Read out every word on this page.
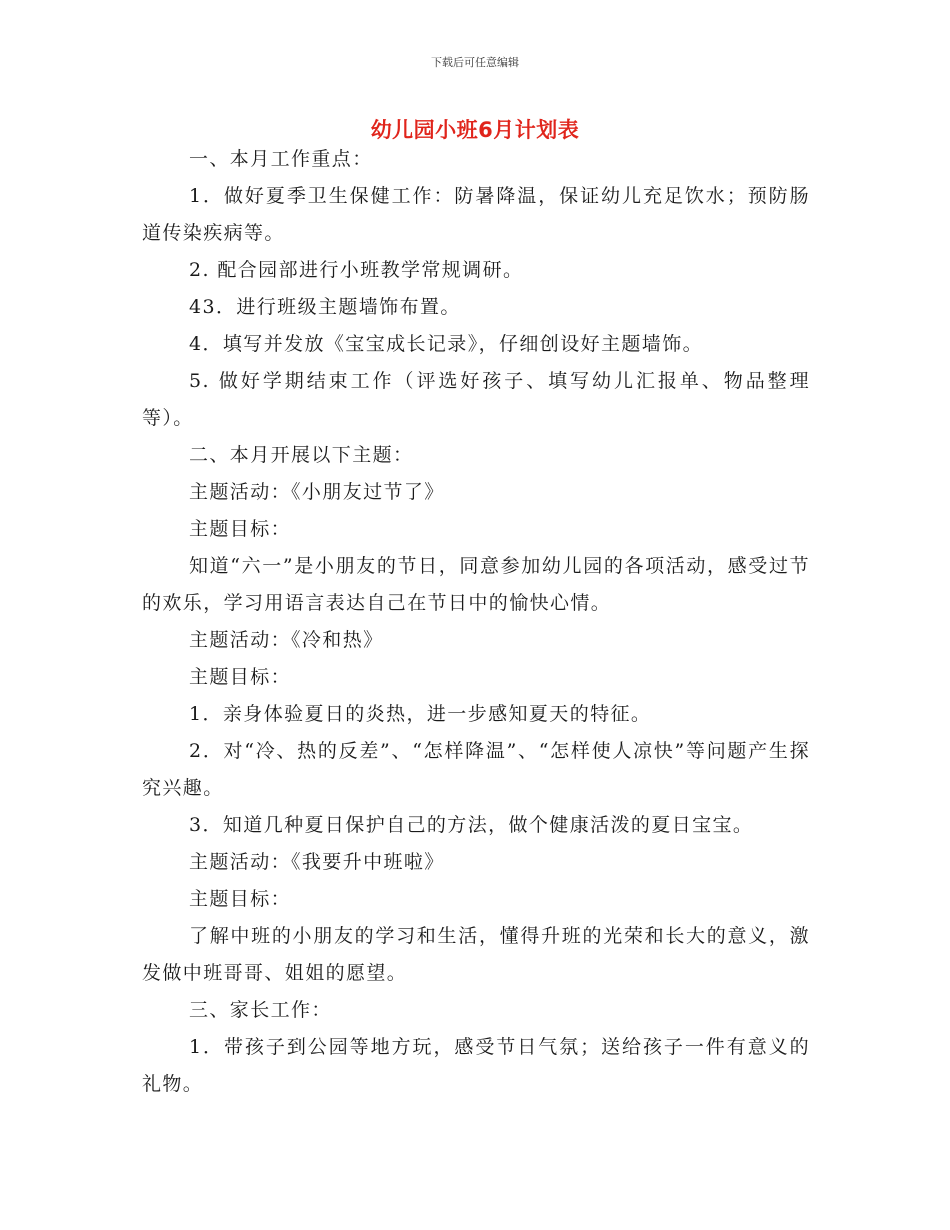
下载后可任意编辑
幼儿园小班6月计划表

一、本月工作重点：

1．做好夏季卫生保健工作：防暑降温，保证幼儿充足饮水；预防肠道传染疾病等。

2. 配合园部进行小班教学常规调研。

43．进行班级主题墙饰布置。

4．填写并发放《宝宝成长记录》，仔细创设好主题墙饰。

5. 做好学期结束工作（评选好孩子、填写幼儿汇报单、物品整理等）。

二、本月开展以下主题：

主题活动：《小朋友过节了》

主题目标：

知道“六一”是小朋友的节日，同意参加幼儿园的各项活动，感受过节的欢乐，学习用语言表达自己在节日中的愉快心情。

主题活动：《冷和热》

主题目标：

1．亲身体验夏日的炎热，进一步感知夏天的特征。

2．对“冷、热的反差”、“怎样降温”、“怎样使人凉快”等问题产生探究兴趣。

3．知道几种夏日保护自己的方法，做个健康活泼的夏日宝宝。

主题活动：《我要升中班啦》

主题目标：

了解中班的小朋友的学习和生活，懂得升班的光荣和长大的意义，激发做中班哥哥、姐姐的愿望。

三、家长工作：

1．带孩子到公园等地方玩，感受节日气氛；送给孩子一件有意义的礼物。
